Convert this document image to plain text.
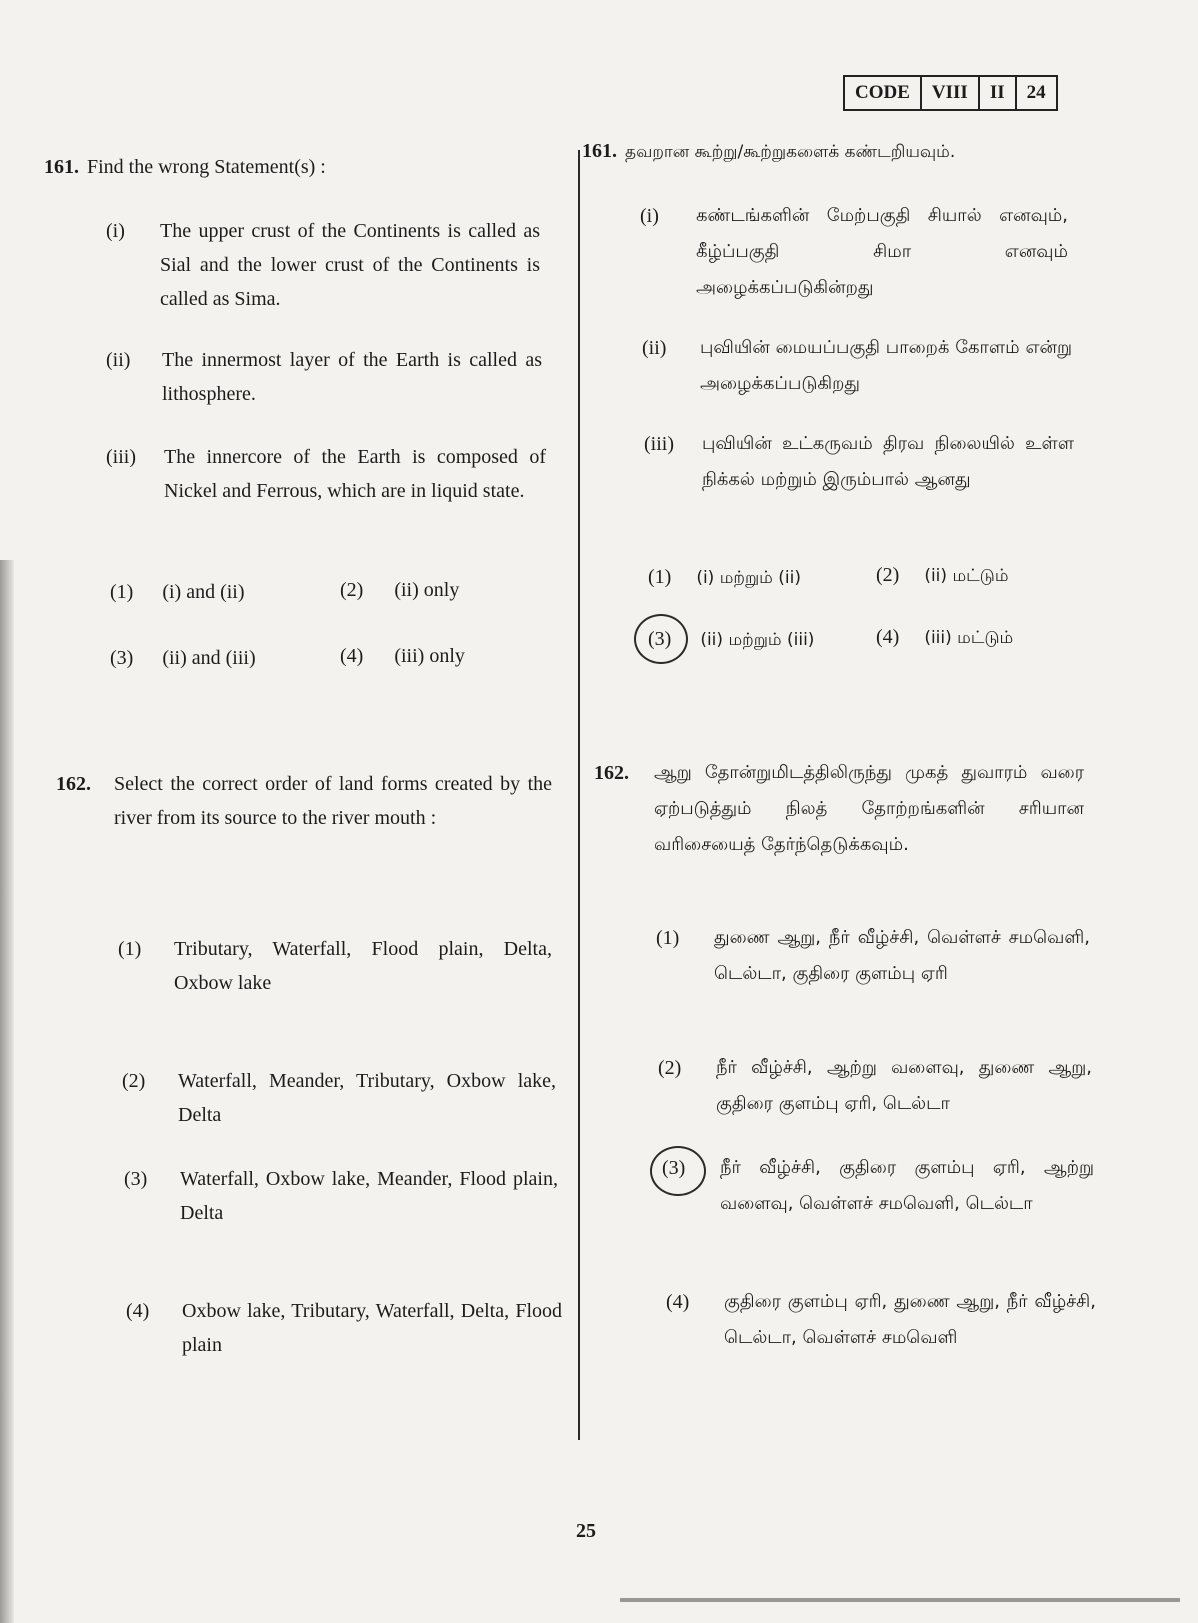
CODE	VIII	II	24
161. Find the wrong Statement(s) :
(i) The upper crust of the Continents is called as Sial and the lower crust of the Continents is called as Sima.
(ii) The innermost layer of the Earth is called as lithosphere.
(iii) The innercore of the Earth is composed of Nickel and Ferrous, which are in liquid state.
(1) (i) and (ii)	(2) (ii) only
(3) (ii) and (iii)	(4) (iii) only
162. Select the correct order of land forms created by the river from its source to the river mouth :
(1) Tributary, Waterfall, Flood plain, Delta, Oxbow lake
(2) Waterfall, Meander, Tributary, Oxbow lake, Delta
(3) Waterfall, Oxbow lake, Meander, Flood plain, Delta
(4) Oxbow lake, Tributary, Waterfall, Delta, Flood plain
161. தவறான கூற்று/கூற்றுகளைக் கண்டறியவும்.
(i) கண்டங்களின் மேற்பகுதி சியால் எனவும், கீழ்ப்பகுதி சிமா எனவும் அழைக்கப்படுகின்றது
(ii) புவியின் மையப்பகுதி பாறைக் கோளம் என்று அழைக்கப்படுகிறது
(iii) புவியின் உட்கருவம் திரவ நிலையில் உள்ள நிக்கல் மற்றும் இரும்பால் ஆனது
(1) (i) மற்றும் (ii)	(2) (ii) மட்டும்
(3) (ii) மற்றும் (iii)	(4) (iii) மட்டும்
162. ஆறு தோன்றுமிடத்திலிருந்து முகத் துவாரம் வரை ஏற்படுத்தும் நிலத் தோற்றங்களின் சரியான வரிசையைத் தேர்ந்தெடுக்கவும்.
(1) துணை ஆறு, நீர் வீழ்ச்சி, வெள்ளச் சமவெளி, டெல்டா, குதிரை குளம்பு ஏரி
(2) நீர் வீழ்ச்சி, ஆற்று வளைவு, துணை ஆறு, குதிரை குளம்பு ஏரி, டெல்டா
(3) நீர் வீழ்ச்சி, குதிரை குளம்பு ஏரி, ஆற்று வளைவு, வெள்ளச் சமவெளி, டெல்டா
(4) குதிரை குளம்பு ஏரி, துணை ஆறு, நீர் வீழ்ச்சி, டெல்டா, வெள்ளச் சமவெளி
25
